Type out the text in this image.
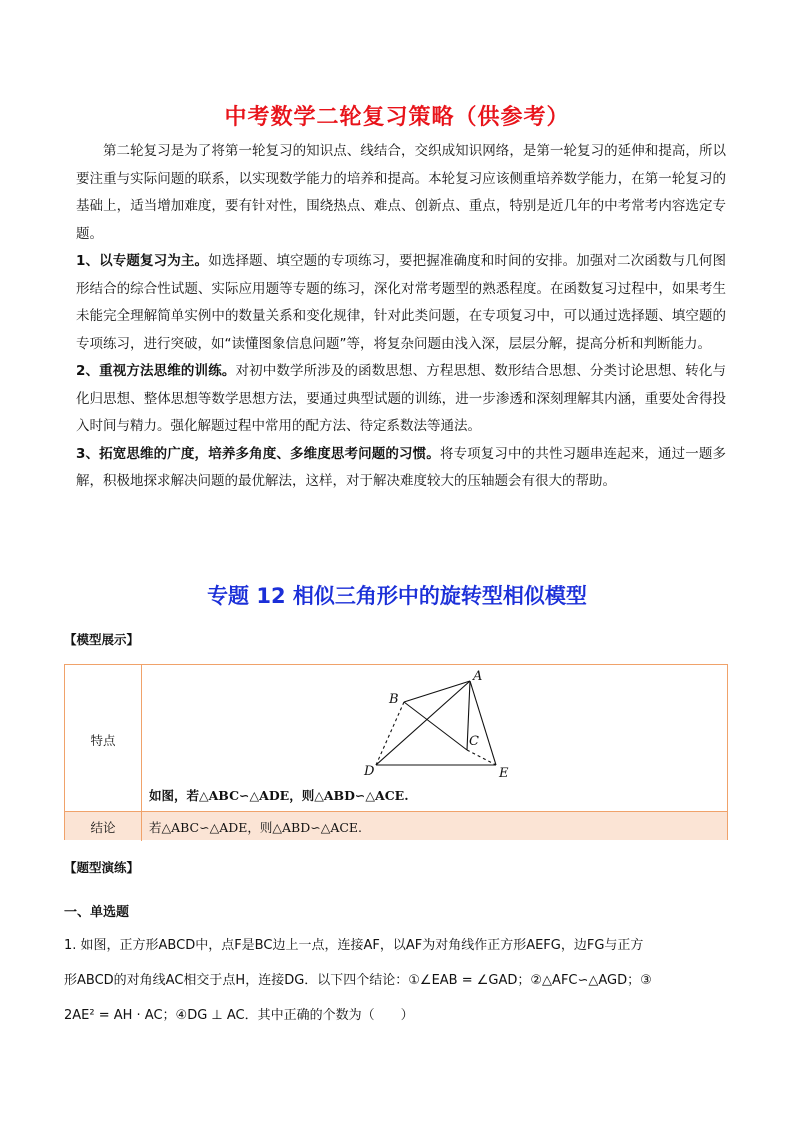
中考数学二轮复习策略（供参考）

第二轮复习是为了将第一轮复习的知识点、线结合，交织成知识网络，是第一轮复习的延伸和提高，所以要注重与实际问题的联系，以实现数学能力的培养和提高。本轮复习应该侧重培养数学能力，在第一轮复习的基础上，适当增加难度，要有针对性，围绕热点、难点、创新点、重点，特别是近几年的中考常考内容选定专题。

1、以专题复习为主。如选择题、填空题的专项练习，要把握准确度和时间的安排。加强对二次函数与几何图形结合的综合性试题、实际应用题等专题的练习，深化对常考题型的熟悉程度。在函数复习过程中，如果考生未能完全理解简单实例中的数量关系和变化规律，针对此类问题，在专项复习中，可以通过选择题、填空题的专项练习，进行突破，如“读懂图象信息问题”等，将复杂问题由浅入深，层层分解，提高分析和判断能力。

2、重视方法思维的训练。对初中数学所涉及的函数思想、方程思想、数形结合思想、分类讨论思想、转化与化归思想、整体思想等数学思想方法，要通过典型试题的训练，进一步渗透和深刻理解其内涵，重要处舍得投入时间与精力。强化解题过程中常用的配方法、待定系数法等通法。

3、拓宽思维的广度，培养多角度、多维度思考问题的习惯。将专项复习中的共性习题串连起来，通过一题多解，积极地探求解决问题的最优解法，这样，对于解决难度较大的压轴题会有很大的帮助。

专题 12 相似三角形中的旋转型相似模型
【模型展示】
特点
A
B
C
D	E
如图，若△ABC∽△ADE，则△ABD∽△ACE.
结论	若△ABC∽△ADE，则△ABD∽△ACE.
【题型演练】
一、单选题

1. 如图，正方形ABCD中，点F是BC边上一点，连接AF，以AF为对角线作正方形AEFG，边FG与正方

形ABCD的对角线AC相交于点H，连接DG．以下四个结论：①∠EAB = ∠GAD；②△AFC∽△AGD；③

2AE² = AH · AC；④DG ⊥ AC．其中正确的个数为（　　）
